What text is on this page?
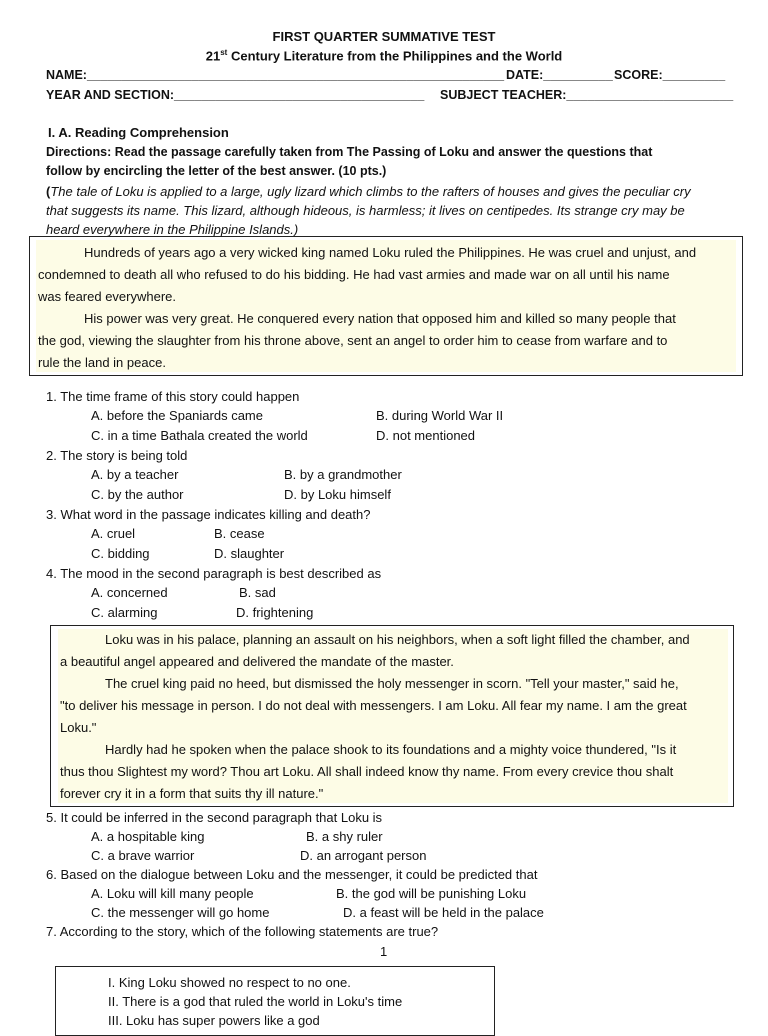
FIRST QUARTER SUMMATIVE TEST
21st Century Literature from the Philippines and the World
NAME:____________________________________________________________ DATE:__________ SCORE:_________
YEAR AND SECTION:____________________________________ SUBJECT TEACHER:________________________
I. A. Reading Comprehension
Directions: Read the passage carefully taken from The Passing of Loku and answer the questions that
follow by encircling the letter of the best answer. (10 pts.)
(The tale of Loku is applied to a large, ugly lizard which climbs to the rafters of houses and gives the peculiar cry
that suggests its name. This lizard, although hideous, is harmless; it lives on centipedes. Its strange cry may be
heard everywhere in the Philippine Islands.)
Hundreds of years ago a very wicked king named Loku ruled the Philippines. He was cruel and unjust, and
condemned to death all who refused to do his bidding. He had vast armies and made war on all until his name
was feared everywhere.
His power was very great. He conquered every nation that opposed him and killed so many people that
the god, viewing the slaughter from his throne above, sent an angel to order him to cease from warfare and to
rule the land in peace.
1. The time frame of this story could happen
A. before the Spaniards came	B. during World War II
C. in a time Bathala created the world	D. not mentioned
2. The story is being told
A. by a teacher	B. by a grandmother
C. by the author	D. by Loku himself
3. What word in the passage indicates killing and death?
A. cruel	B. cease
C. bidding	D. slaughter
4. The mood in the second paragraph is best described as
A. concerned	B. sad
C. alarming	D. frightening
Loku was in his palace, planning an assault on his neighbors, when a soft light filled the chamber, and
a beautiful angel appeared and delivered the mandate of the master.
The cruel king paid no heed, but dismissed the holy messenger in scorn. "Tell your master," said he,
"to deliver his message in person. I do not deal with messengers. I am Loku. All fear my name. I am the great
Loku."
Hardly had he spoken when the palace shook to its foundations and a mighty voice thundered, "Is it
thus thou Slightest my word? Thou art Loku. All shall indeed know thy name. From every crevice thou shalt
forever cry it in a form that suits thy ill nature."
5. It could be inferred in the second paragraph that Loku is
A. a hospitable king	B. a shy ruler
C. a brave warrior	D. an arrogant person
6. Based on the dialogue between Loku and the messenger, it could be predicted that
A. Loku will kill many people	B. the god will be punishing Loku
C. the messenger will go home	D. a feast will be held in the palace
7. According to the story, which of the following statements are true?
1
I. King Loku showed no respect to no one.
II. There is a god that ruled the world in Loku's time
III. Loku has super powers like a god
